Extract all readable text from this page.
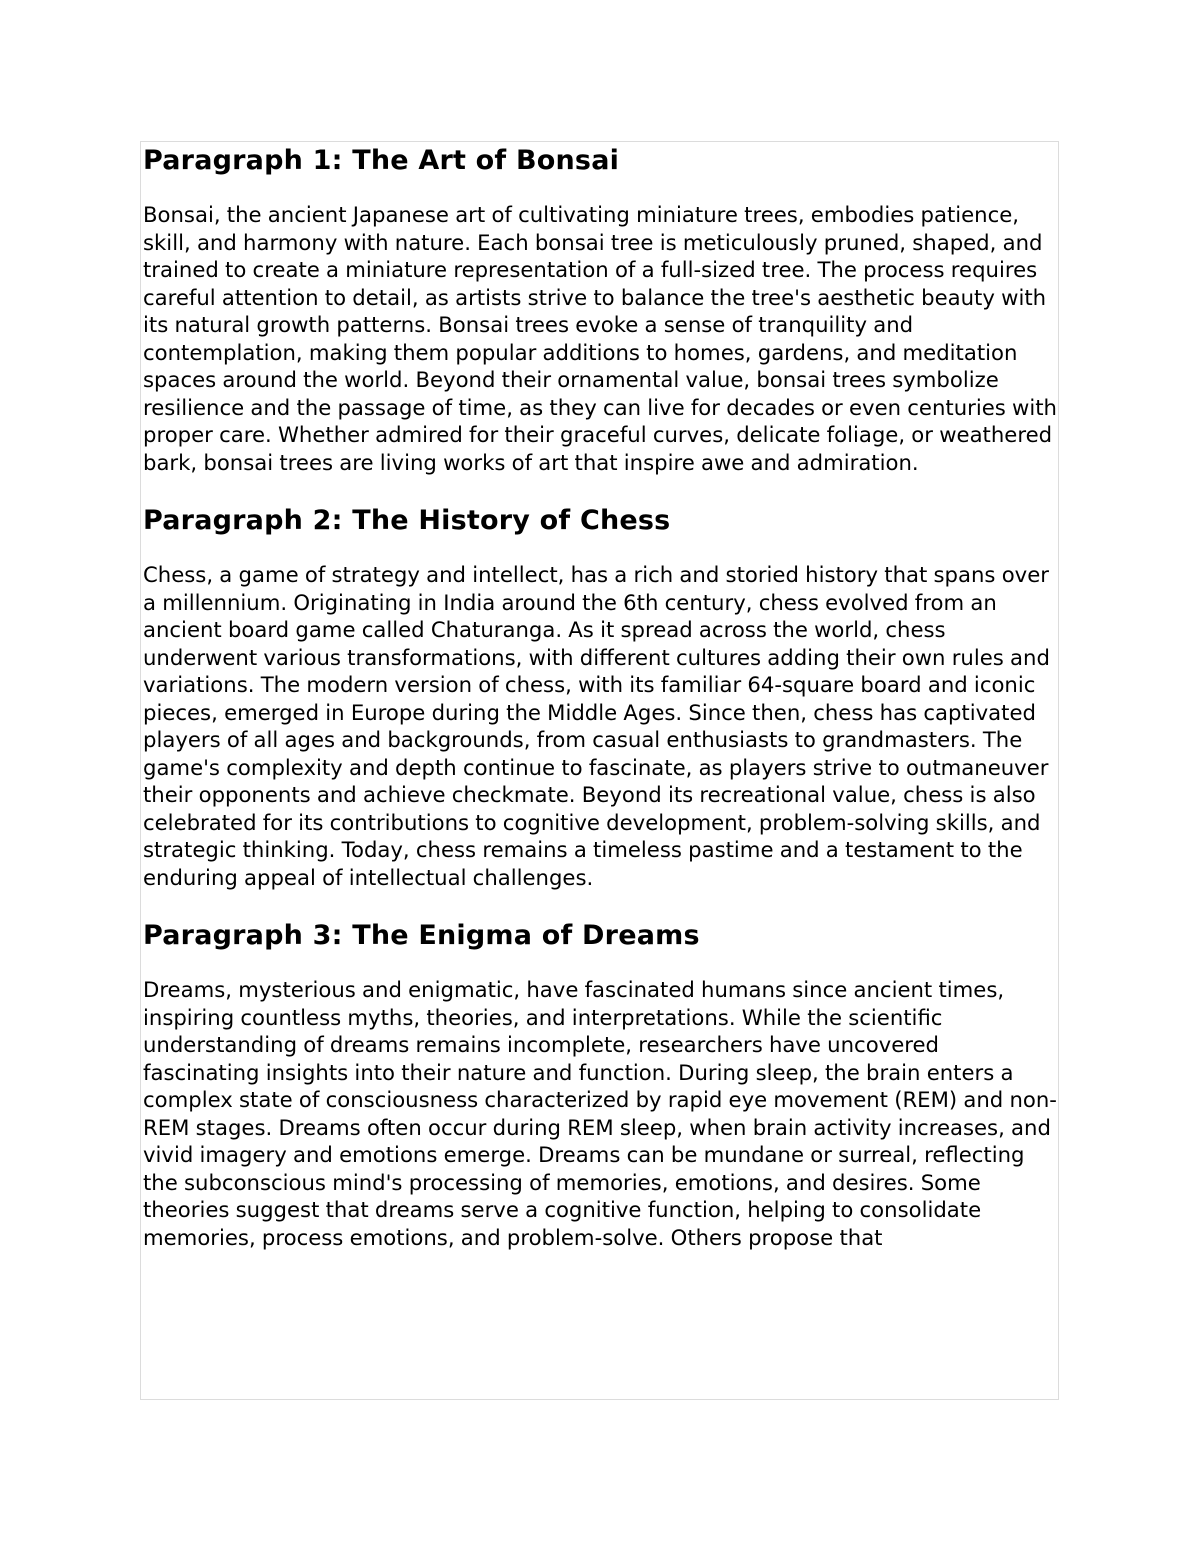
Paragraph 1: The Art of Bonsai

Bonsai, the ancient Japanese art of cultivating miniature trees, embodies patience, skill, and harmony with nature. Each bonsai tree is meticulously pruned, shaped, and trained to create a miniature representation of a full-sized tree. The process requires careful attention to detail, as artists strive to balance the tree's aesthetic beauty with its natural growth patterns. Bonsai trees evoke a sense of tranquility and contemplation, making them popular additions to homes, gardens, and meditation spaces around the world. Beyond their ornamental value, bonsai trees symbolize resilience and the passage of time, as they can live for decades or even centuries with proper care. Whether admired for their graceful curves, delicate foliage, or weathered bark, bonsai trees are living works of art that inspire awe and admiration.

Paragraph 2: The History of Chess

Chess, a game of strategy and intellect, has a rich and storied history that spans over a millennium. Originating in India around the 6th century, chess evolved from an ancient board game called Chaturanga. As it spread across the world, chess underwent various transformations, with different cultures adding their own rules and variations. The modern version of chess, with its familiar 64-square board and iconic pieces, emerged in Europe during the Middle Ages. Since then, chess has captivated players of all ages and backgrounds, from casual enthusiasts to grandmasters. The game's complexity and depth continue to fascinate, as players strive to outmaneuver their opponents and achieve checkmate. Beyond its recreational value, chess is also celebrated for its contributions to cognitive development, problem-solving skills, and strategic thinking. Today, chess remains a timeless pastime and a testament to the enduring appeal of intellectual challenges.

Paragraph 3: The Enigma of Dreams

Dreams, mysterious and enigmatic, have fascinated humans since ancient times, inspiring countless myths, theories, and interpretations. While the scientific understanding of dreams remains incomplete, researchers have uncovered fascinating insights into their nature and function. During sleep, the brain enters a complex state of consciousness characterized by rapid eye movement (REM) and non-REM stages. Dreams often occur during REM sleep, when brain activity increases, and vivid imagery and emotions emerge. Dreams can be mundane or surreal, reflecting the subconscious mind's processing of memories, emotions, and desires. Some theories suggest that dreams serve a cognitive function, helping to consolidate memories, process emotions, and problem-solve. Others propose that
